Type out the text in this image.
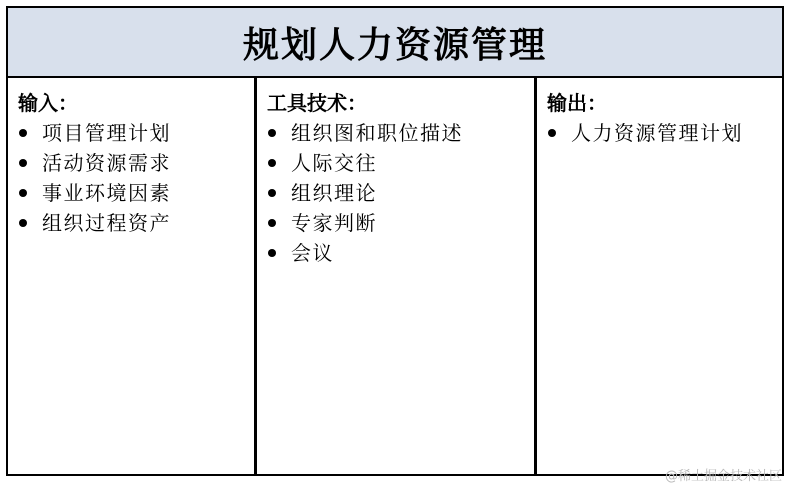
规划人力资源管理
输入：
项目管理计划
活动资源需求
事业环境因素
组织过程资产
工具技术：
组织图和职位描述
人际交往
组织理论
专家判断
会议
输出：
人力资源管理计划
@稀土掘金技术社区
